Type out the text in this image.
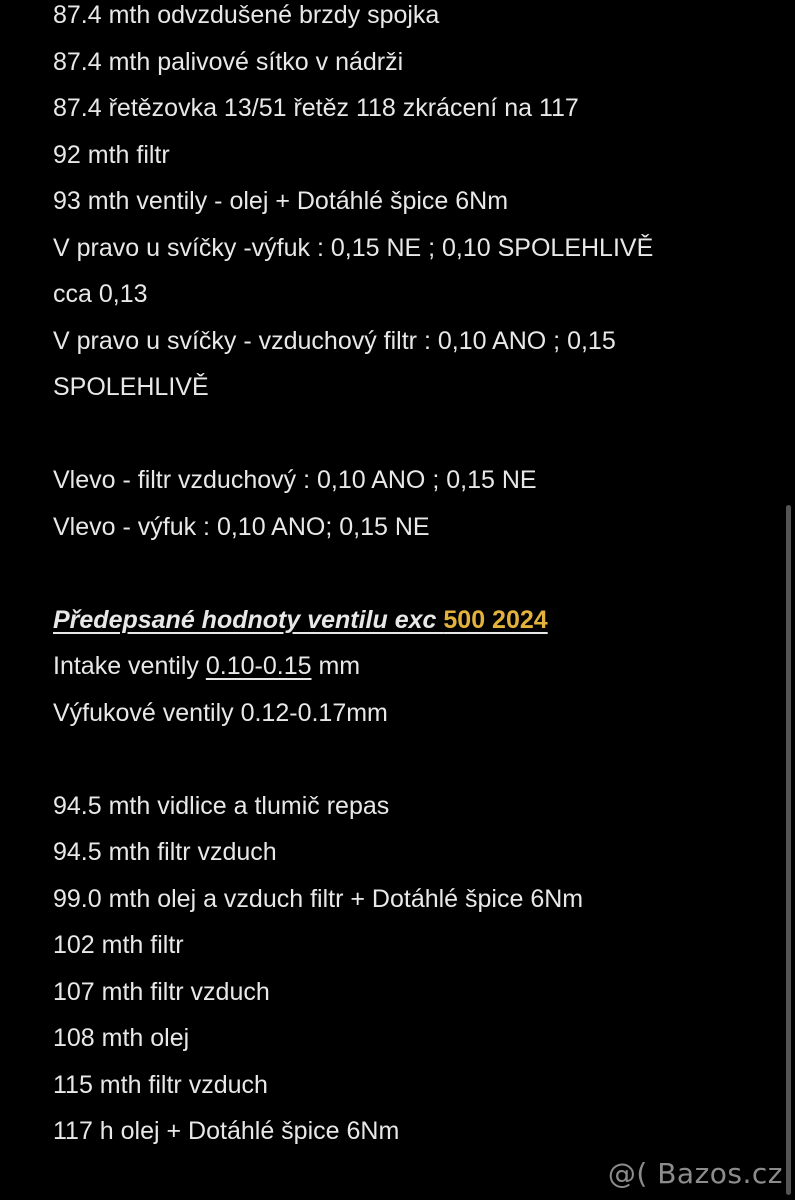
87.4 mth odvzdušené brzdy spojka

87.4 mth palivové sítko v nádrži

87.4 řetězovka 13/51 řetěz 118 zkrácení na 117

92 mth filtr

93 mth ventily - olej + Dotáhlé špice 6Nm

V pravo u svíčky -výfuk : 0,15 NE ; 0,10 SPOLEHLIVĚ

cca 0,13

V pravo u svíčky - vzduchový filtr : 0,10 ANO ; 0,15

SPOLEHLIVĚ

Vlevo - filtr vzduchový : 0,10 ANO ; 0,15 NE

Vlevo - výfuk : 0,10 ANO; 0,15 NE

Předepsané hodnoty ventilu exc 500 2024

Intake ventily 0.10-0.15 mm

Výfukové ventily 0.12-0.17mm

94.5 mth vidlice a tlumič repas

94.5 mth filtr vzduch

99.0 mth olej a vzduch filtr + Dotáhlé špice 6Nm

102 mth filtr

107 mth filtr vzduch

108 mth olej

115 mth filtr vzduch

117 h olej + Dotáhlé špice 6Nm

@( Bazos.cz
